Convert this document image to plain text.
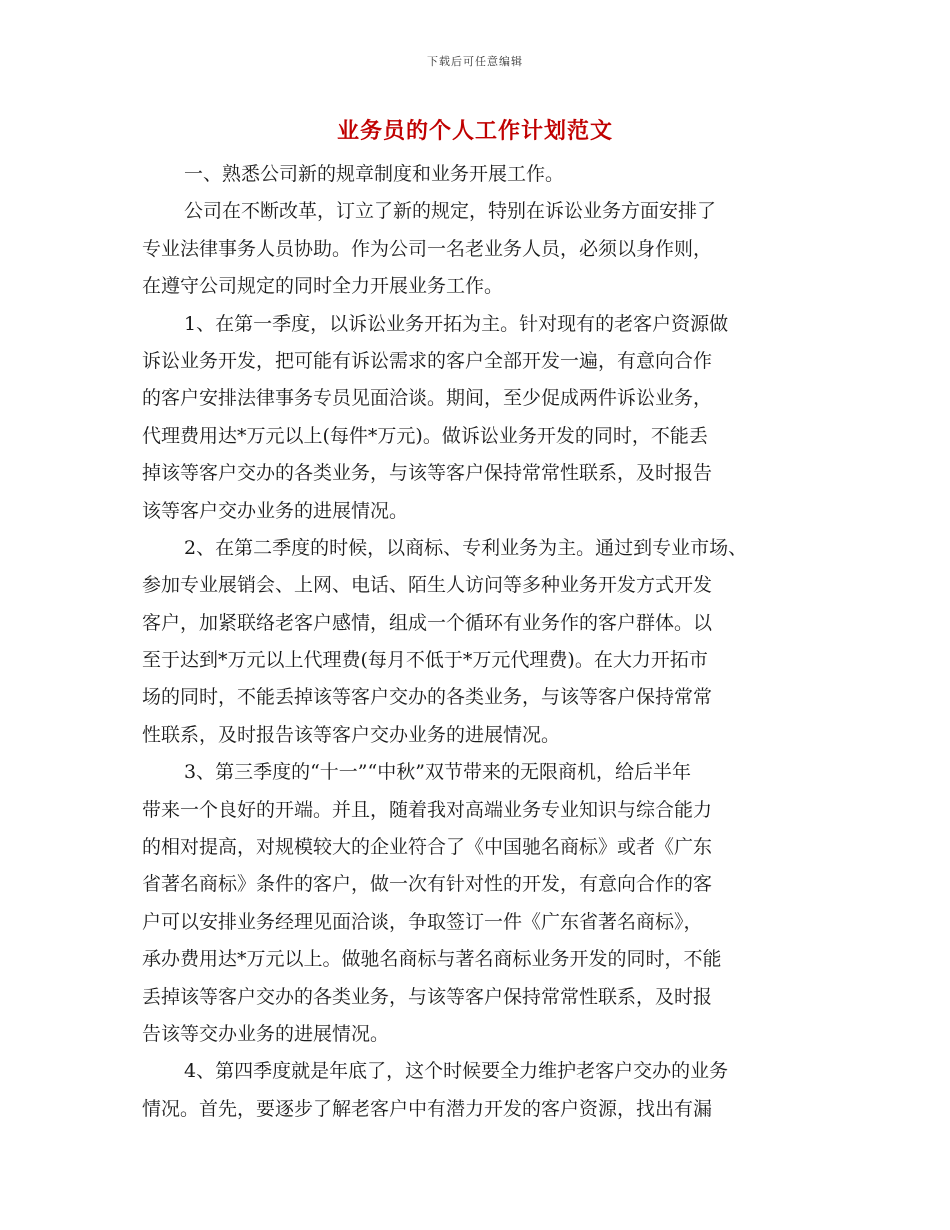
下载后可任意编辑
业务员的个人工作计划范文
一、熟悉公司新的规章制度和业务开展工作。
公司在不断改革，订立了新的规定，特别在诉讼业务方面安排了
专业法律事务人员协助。作为公司一名老业务人员，必须以身作则，
在遵守公司规定的同时全力开展业务工作。
1、在第一季度，以诉讼业务开拓为主。针对现有的老客户资源做
诉讼业务开发，把可能有诉讼需求的客户全部开发一遍，有意向合作
的客户安排法律事务专员见面洽谈。期间，至少促成两件诉讼业务，
代理费用达*万元以上(每件*万元)。做诉讼业务开发的同时，不能丢
掉该等客户交办的各类业务，与该等客户保持常常性联系，及时报告
该等客户交办业务的进展情况。
2、在第二季度的时候，以商标、专利业务为主。通过到专业市场、
参加专业展销会、上网、电话、陌生人访问等多种业务开发方式开发
客户，加紧联络老客户感情，组成一个循环有业务作的客户群体。以
至于达到*万元以上代理费(每月不低于*万元代理费)。在大力开拓市
场的同时，不能丢掉该等客户交办的各类业务，与该等客户保持常常
性联系，及时报告该等客户交办业务的进展情况。
3、第三季度的“十一”“中秋”双节带来的无限商机，给后半年
带来一个良好的开端。并且，随着我对高端业务专业知识与综合能力
的相对提高，对规模较大的企业符合了《中国驰名商标》或者《广东
省著名商标》条件的客户，做一次有针对性的开发，有意向合作的客
户可以安排业务经理见面洽谈，争取签订一件《广东省著名商标》，
承办费用达*万元以上。做驰名商标与著名商标业务开发的同时，不能
丢掉该等客户交办的各类业务，与该等客户保持常常性联系，及时报
告该等交办业务的进展情况。
4、第四季度就是年底了，这个时候要全力维护老客户交办的业务
情况。首先，要逐步了解老客户中有潜力开发的客户资源，找出有漏
